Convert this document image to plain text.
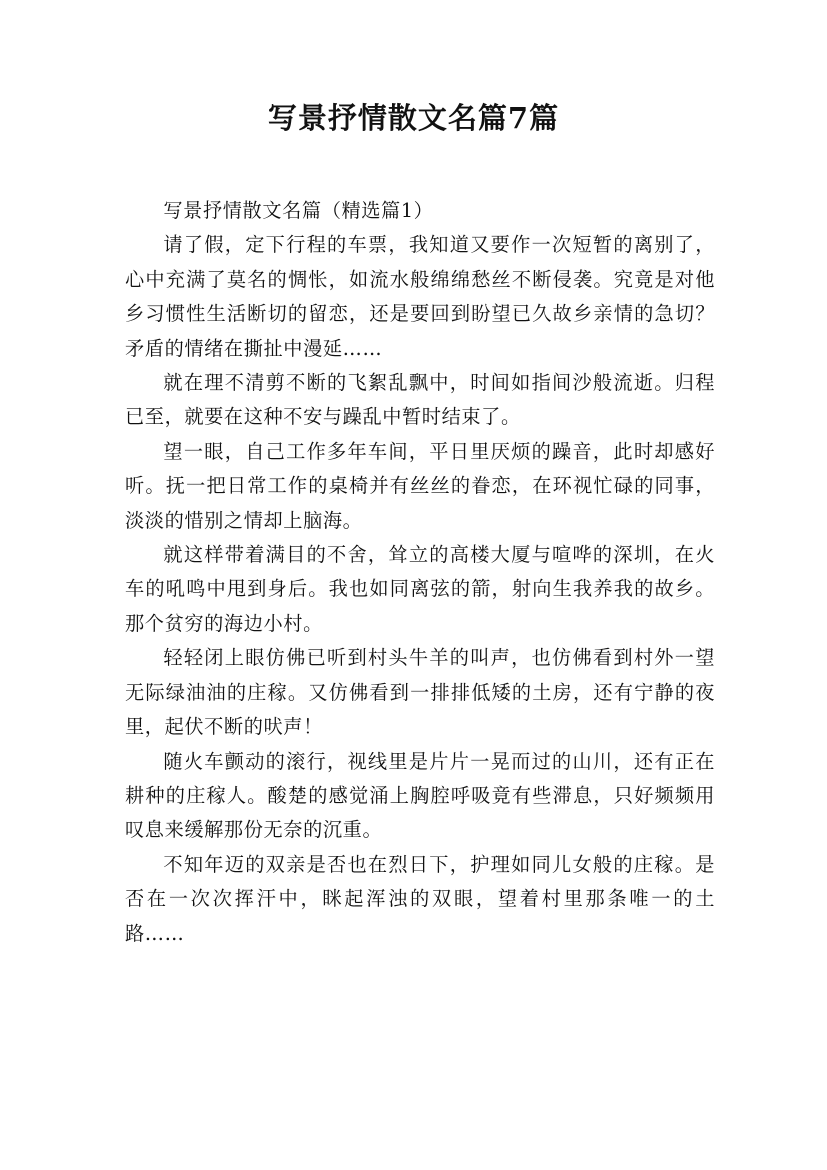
写景抒情散文名篇7篇

写景抒情散文名篇（精选篇1）

请了假，定下行程的车票，我知道又要作一次短暂的离别了，心中充满了莫名的惆怅，如流水般绵绵愁丝不断侵袭。究竟是对他乡习惯性生活断切的留恋，还是要回到盼望已久故乡亲情的急切？矛盾的情绪在撕扯中漫延……

就在理不清剪不断的飞絮乱飘中，时间如指间沙般流逝。归程已至，就要在这种不安与躁乱中暂时结束了。

望一眼，自己工作多年车间，平日里厌烦的躁音，此时却感好听。抚一把日常工作的桌椅并有丝丝的眷恋，在环视忙碌的同事，淡淡的惜别之情却上脑海。

就这样带着满目的不舍，耸立的高楼大厦与喧哗的深圳，在火车的吼鸣中甩到身后。我也如同离弦的箭，射向生我养我的故乡。那个贫穷的海边小村。

轻轻闭上眼仿佛已听到村头牛羊的叫声，也仿佛看到村外一望无际绿油油的庄稼。又仿佛看到一排排低矮的土房，还有宁静的夜里，起伏不断的吠声！

随火车颤动的滚行，视线里是片片一晃而过的山川，还有正在耕种的庄稼人。酸楚的感觉涌上胸腔呼吸竟有些滞息，只好频频用叹息来缓解那份无奈的沉重。

不知年迈的双亲是否也在烈日下，护理如同儿女般的庄稼。是否在一次次挥汗中，眯起浑浊的双眼，望着村里那条唯一的土路……
